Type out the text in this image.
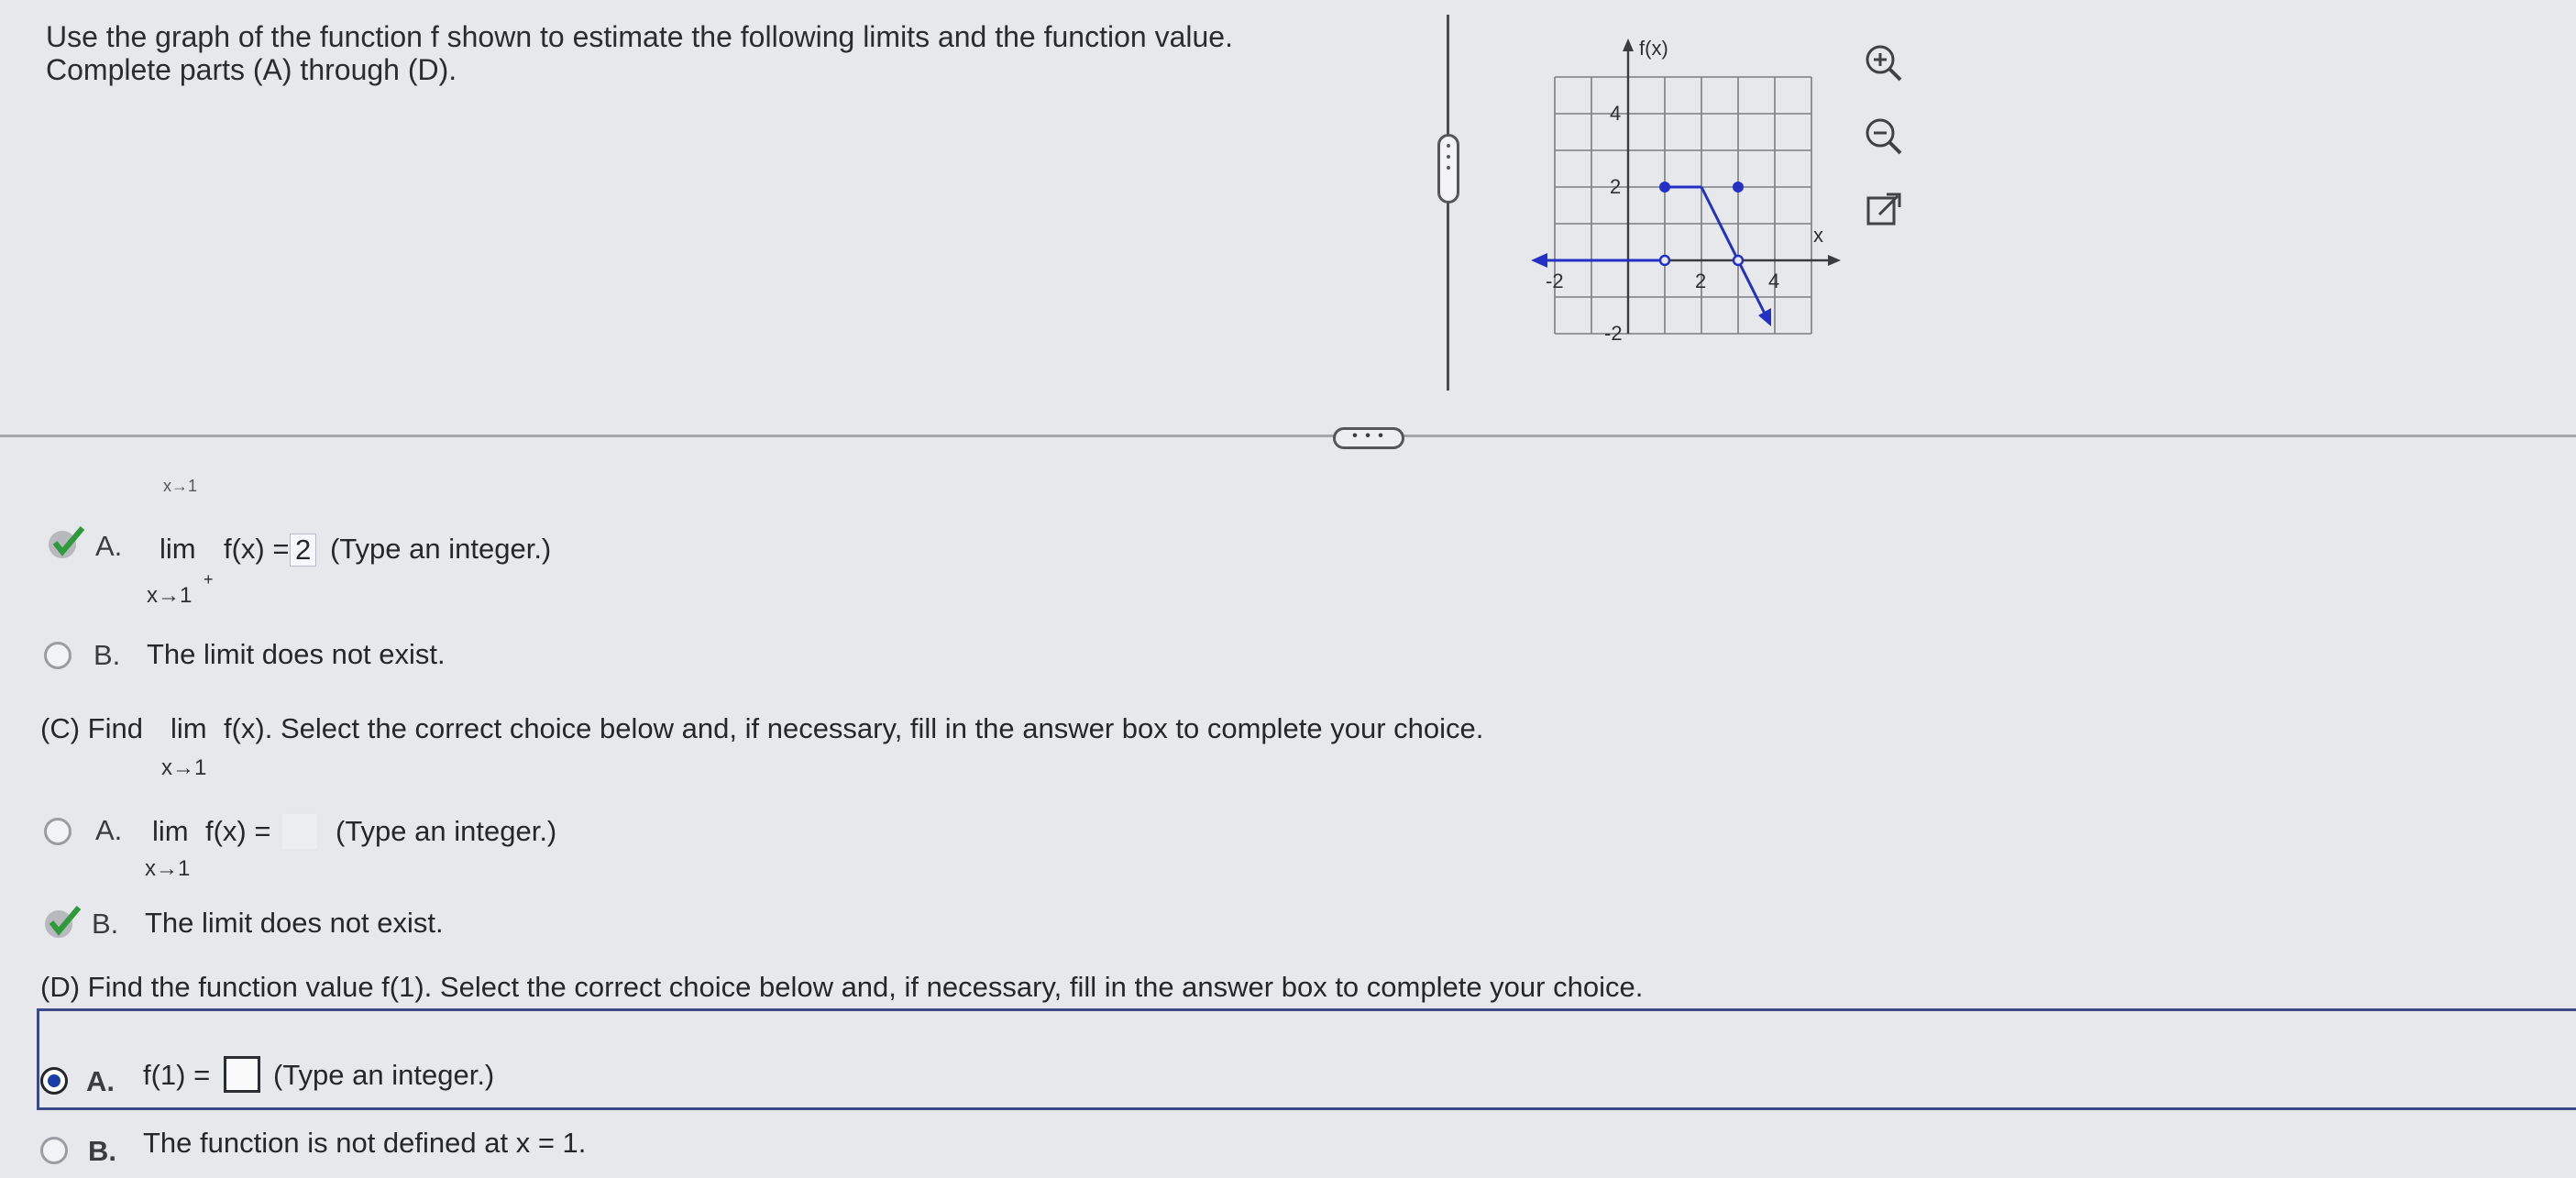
Use the graph of the function f shown to estimate the following limits and the function value.
Complete parts (A) through (D).
f(x)
x
-2	2	4
4
2
-2
• • •
x→1
A. lim f(x) = 2 (Type an integer.)
x→1
+
B. The limit does not exist.
(C) Find lim f(x). Select the correct choice below and, if necessary, fill in the answer box to complete your choice.
x→1
A. lim f(x) = (Type an integer.)
x→1
B. The limit does not exist.
(D) Find the function value f(1). Select the correct choice below and, if necessary, fill in the answer box to complete your choice.
A. f(1) = (Type an integer.)
B. The function is not defined at x = 1.
